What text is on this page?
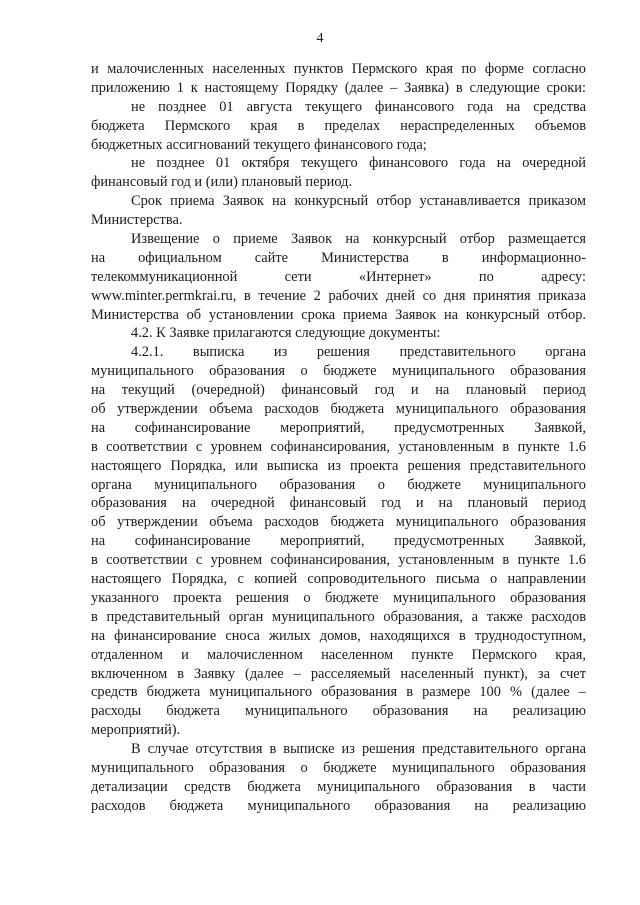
4
и малочисленных населенных пунктов Пермского края по форме согласно
приложению 1 к настоящему Порядку (далее – Заявка) в следующие сроки:
не позднее 01 августа текущего финансового года на средства
бюджета Пермского края в пределах нераспределенных объемов
бюджетных ассигнований текущего финансового года;
не позднее 01 октября текущего финансового года на очередной
финансовый год и (или) плановый период.
Срок приема Заявок на конкурсный отбор устанавливается приказом
Министерства.
Извещение о приеме Заявок на конкурсный отбор размещается
на официальном сайте Министерства в информационно-
телекоммуникационной сети «Интернет» по адресу:
www.minter.permkrai.ru, в течение 2 рабочих дней со дня принятия приказа
Министерства об установлении срока приема Заявок на конкурсный отбор.
4.2. К Заявке прилагаются следующие документы:
4.2.1. выписка из решения представительного органа
муниципального образования о бюджете муниципального образования
на текущий (очередной) финансовый год и на плановый период
об утверждении объема расходов бюджета муниципального образования
на софинансирование мероприятий, предусмотренных Заявкой,
в соответствии с уровнем софинансирования, установленным в пункте 1.6
настоящего Порядка, или выписка из проекта решения представительного
органа муниципального образования о бюджете муниципального
образования на очередной финансовый год и на плановый период
об утверждении объема расходов бюджета муниципального образования
на софинансирование мероприятий, предусмотренных Заявкой,
в соответствии с уровнем софинансирования, установленным в пункте 1.6
настоящего Порядка, с копией сопроводительного письма о направлении
указанного проекта решения о бюджете муниципального образования
в представительный орган муниципального образования, а также расходов
на финансирование сноса жилых домов, находящихся в труднодоступном,
отдаленном и малочисленном населенном пункте Пермского края,
включенном в Заявку (далее – расселяемый населенный пункт), за счет
средств бюджета муниципального образования в размере 100 % (далее –
расходы бюджета муниципального образования на реализацию
мероприятий).
В случае отсутствия в выписке из решения представительного органа
муниципального образования о бюджете муниципального образования
детализации средств бюджета муниципального образования в части
расходов бюджета муниципального образования на реализацию
